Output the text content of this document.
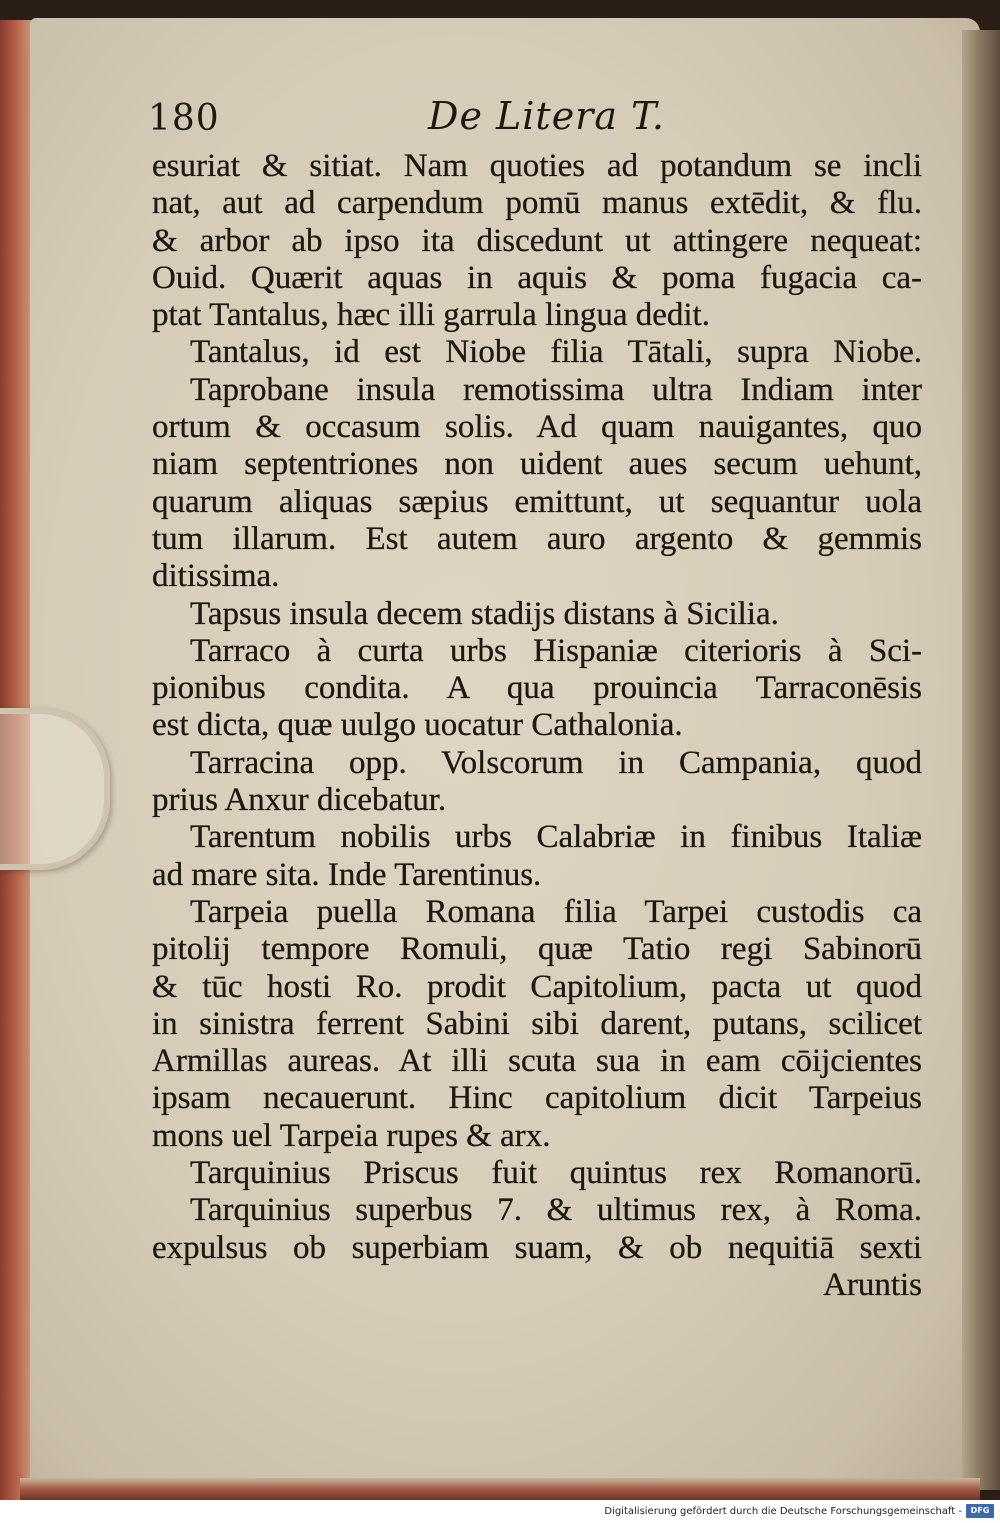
180	De Litera T.
esuriat & sitiat. Nam quoties ad potandum se incli
nat, aut ad carpendum pomū manus extēdit, & flu.
& arbor ab ipso ita discedunt ut attingere nequeat:
Ouid. Quærit aquas in aquis & poma fugacia ca-
ptat Tantalus, hæc illi garrula lingua dedit.
Tantalus, id est Niobe filia Tātali, supra Niobe.
Taprobane insula remotissima ultra Indiam inter
ortum & occasum solis. Ad quam nauigantes, quo
niam septentriones non uident aues secum uehunt,
quarum aliquas sæpius emittunt, ut sequantur uola
tum illarum. Est autem auro argento & gemmis
ditissima.
Tapsus insula decem stadijs distans à Sicilia.
Tarraco à curta urbs Hispaniæ citerioris à Sci-
pionibus condita. A qua prouincia Tarraconēsis
est dicta, quæ uulgo uocatur Cathalonia.
Tarracina opp. Volscorum in Campania, quod
prius Anxur dicebatur.
Tarentum nobilis urbs Calabriæ in finibus Italiæ
ad mare sita. Inde Tarentinus.
Tarpeia puella Romana filia Tarpei custodis ca
pitolij tempore Romuli, quæ Tatio regi Sabinorū
& tūc hosti Ro. prodit Capitolium, pacta ut quod
in sinistra ferrent Sabini sibi darent, putans, scilicet
Armillas aureas. At illi scuta sua in eam cōijcientes
ipsam necauerunt. Hinc capitolium dicit Tarpeius
mons uel Tarpeia rupes & arx.
Tarquinius Priscus fuit quintus rex Romanorū.
Tarquinius superbus 7. & ultimus rex, à Roma.
expulsus ob superbiam suam, & ob nequitiā sexti
Aruntis
Digitalisierung gefördert durch die Deutsche Forschungsgemeinschaft -	DFG
